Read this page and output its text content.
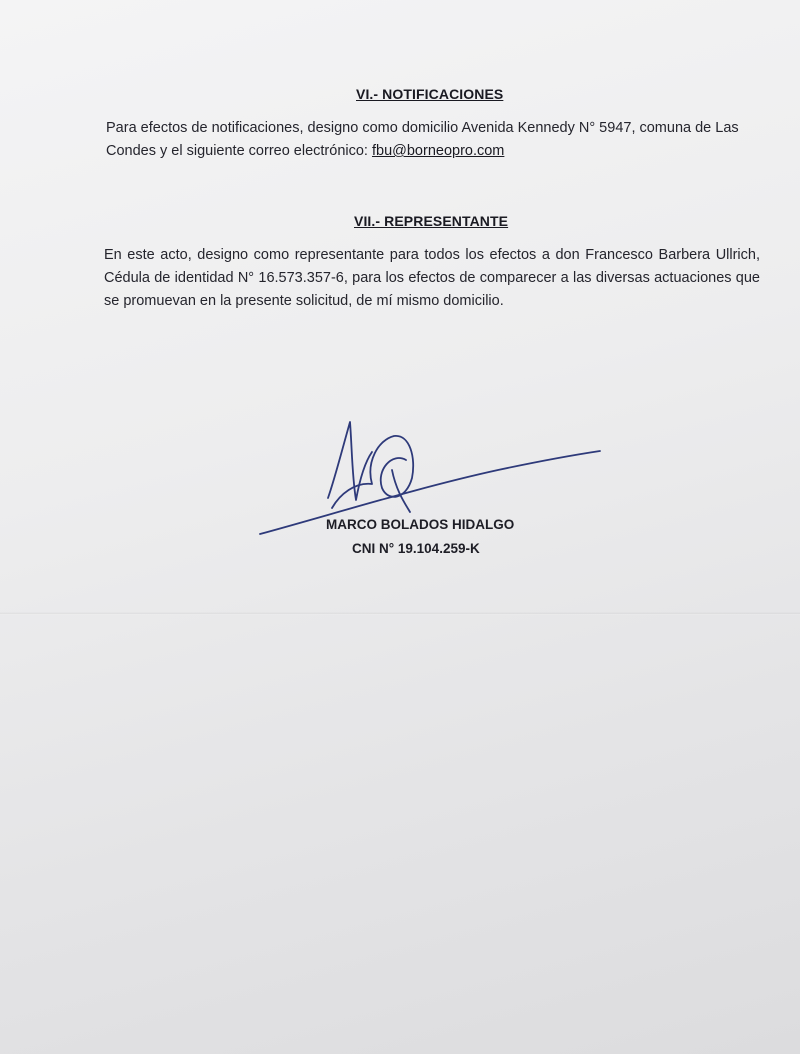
VI.- NOTIFICACIONES
Para efectos de notificaciones, designo como domicilio Avenida Kennedy N° 5947, comuna de Las Condes y el siguiente correo electrónico: fbu@borneopro.com
VII.- REPRESENTANTE
En este acto, designo como representante para todos los efectos a don Francesco Barbera Ullrich, Cédula de identidad N° 16.573.357-6, para los efectos de comparecer a las diversas actuaciones que se promuevan en la presente solicitud, de mí mismo domicilio.
MARCO BOLADOS HIDALGO
CNI N° 19.104.259-K
